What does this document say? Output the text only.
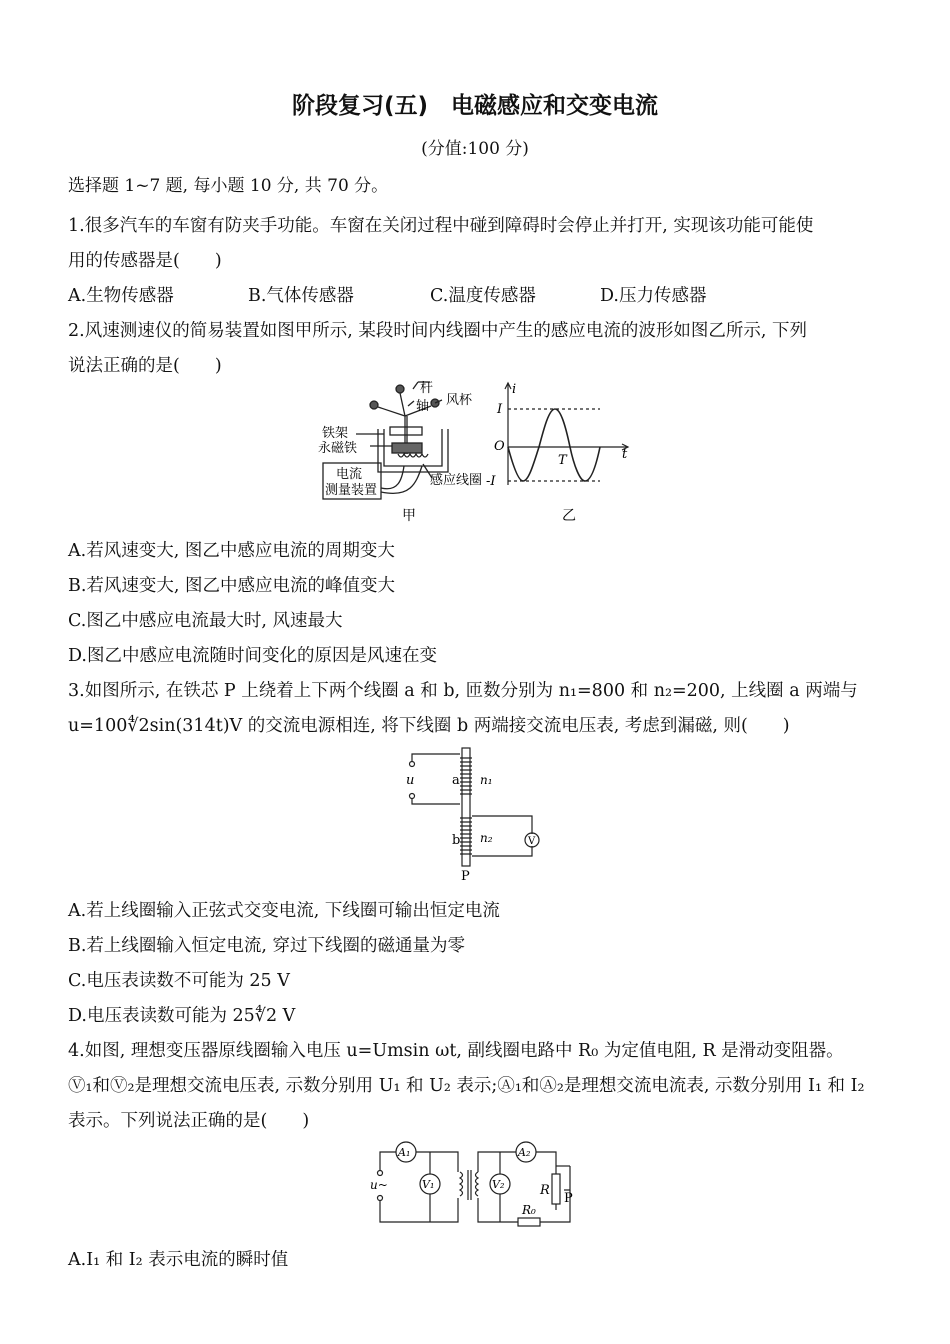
阶段复习(五)　电磁感应和交变电流
(分值:100 分)
选择题 1~7 题, 每小题 10 分, 共 70 分。
1.很多汽车的车窗有防夹手功能。车窗在关闭过程中碰到障碍时会停止并打开, 实现该功能可能使
用的传感器是(　　)
A.生物传感器	B.气体传感器	C.温度传感器	D.压力传感器
2.风速测速仪的简易装置如图甲所示, 某段时间内线圈中产生的感应电流的波形如图乙所示, 下列
说法正确的是(　　)
杆
风杯
轴
铁架
永磁铁
电流
测量装置
感应线圈
甲
i
I
O
T	t
-I
乙
A.若风速变大, 图乙中感应电流的周期变大
B.若风速变大, 图乙中感应电流的峰值变大
C.图乙中感应电流最大时, 风速最大
D.图乙中感应电流随时间变化的原因是风速在变
3.如图所示, 在铁芯 P 上绕着上下两个线圈 a 和 b, 匝数分别为 n₁=800 和 n₂=200, 上线圈 a 两端与
u=100∜2sin(314t)V 的交流电源相连, 将下线圈 b 两端接交流电压表, 考虑到漏磁, 则(　　)
u	a n₁
b n₂	V
P
A.若上线圈输入正弦式交变电流, 下线圈可输出恒定电流
B.若上线圈输入恒定电流, 穿过下线圈的磁通量为零
C.电压表读数不可能为 25 V
D.电压表读数可能为 25∜2 V
4.如图, 理想变压器原线圈输入电压 u=Umsin ωt, 副线圈电路中 R₀ 为定值电阻, R 是滑动变阻器。
Ⓥ₁和Ⓥ₂是理想交流电压表, 示数分别用 U₁ 和 U₂ 表示;Ⓐ₁和Ⓐ₂是理想交流电流表, 示数分别用 I₁ 和 I₂
表示。下列说法正确的是(　　)
A₁
u~	V₁
A₂
V₂	R
P
R₀
A.I₁ 和 I₂ 表示电流的瞬时值
